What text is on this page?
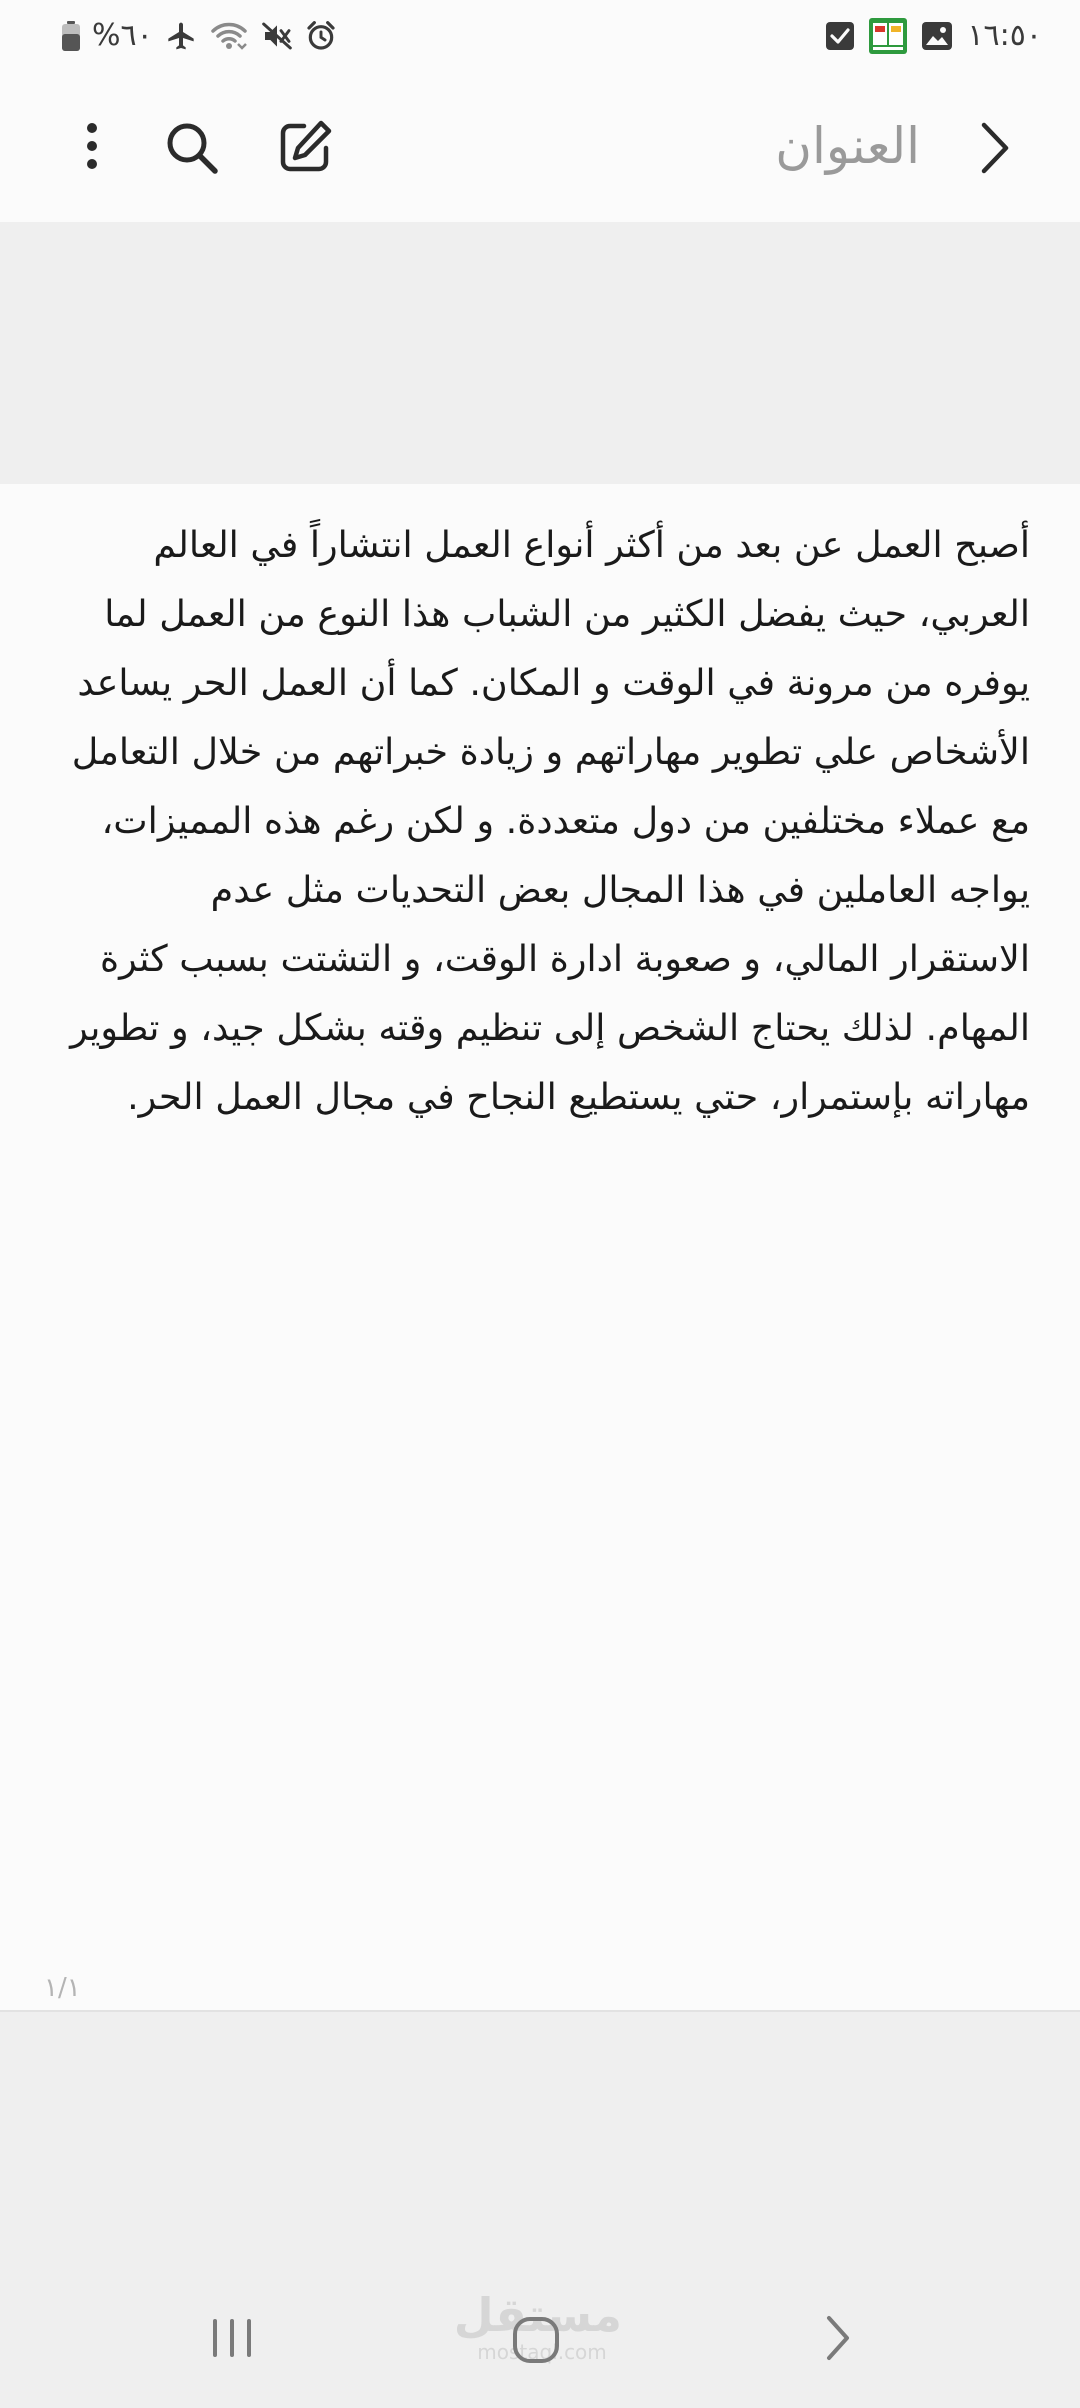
%٦٠	١٦:٥٠
العنوان
أصبح العمل عن بعد من أكثر أنواع العمل انتشاراً في العالم العربي، حيث يفضل الكثير من الشباب هذا النوع من العمل لما يوفره من مرونة في الوقت و المكان. كما أن العمل الحر يساعد الأشخاص علي تطوير مهاراتهم و زيادة خبراتهم من خلال التعامل مع عملاء مختلفين من دول متعددة. و لكن رغم هذه المميزات، يواجه العاملين في هذا المجال بعض التحديات مثل عدم الاستقرار المالي، و صعوبة ادارة الوقت، و التشتت بسبب كثرة المهام. لذلك يحتاج الشخص إلى تنظيم وقته بشكل جيد، و تطوير مهاراته بإستمرار، حتي يستطيع النجاح في مجال العمل الحر.
١/١
مستقل
mostaql.com
